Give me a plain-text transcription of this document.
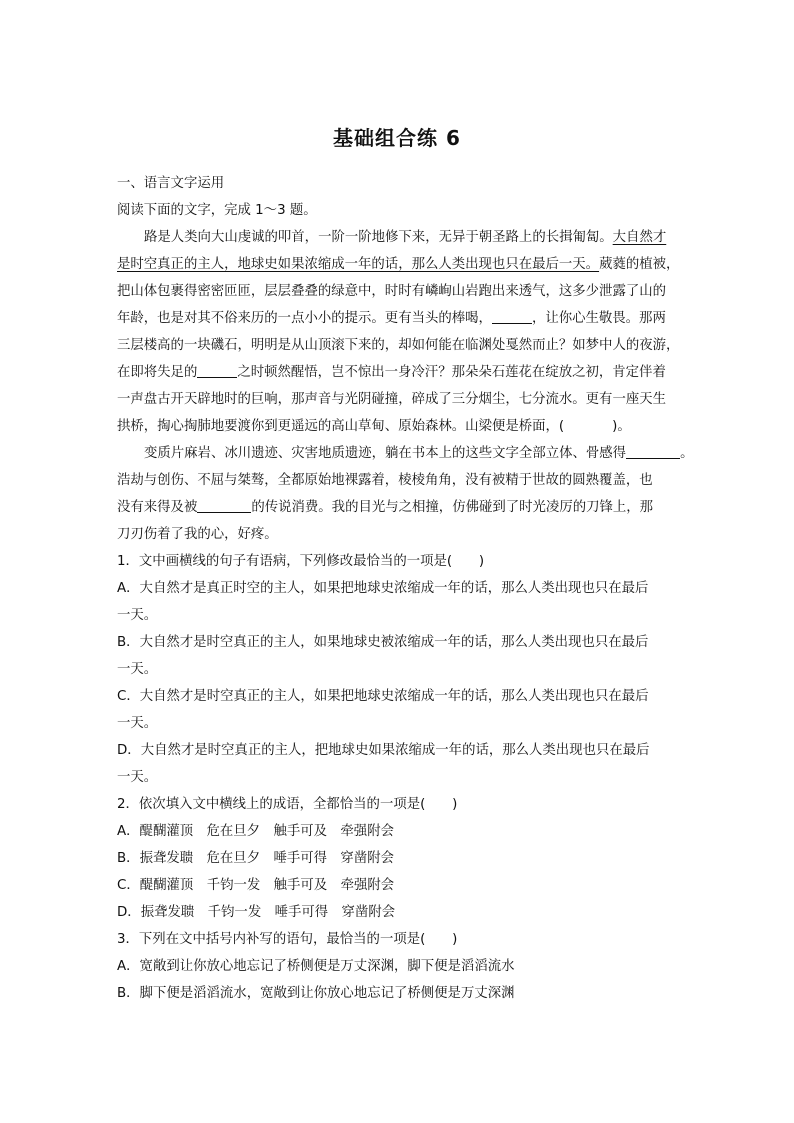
基础组合练 6
一、语言文字运用
阅读下面的文字，完成 1～3 题。
路是人类向大山虔诚的叩首，一阶一阶地修下来，无异于朝圣路上的长揖匍匐。大自然才
是时空真正的主人，地球史如果浓缩成一年的话，那么人类出现也只在最后一天。葳蕤的植被，
把山体包裹得密密匝匝，层层叠叠的绿意中，时时有嶙峋山岩跑出来透气，这多少泄露了山的
年龄，也是对其不俗来历的一点小小的提示。更有当头的棒喝，	，让你心生敬畏。那两
三层楼高的一块磯石，明明是从山顶滚下来的，却如何能在临渊处戛然而止？如梦中人的夜游，
在即将失足的	之时顿然醒悟，岂不惊出一身冷汗？那朵朵石莲花在绽放之初，肯定伴着
一声盘古开天辟地时的巨响，那声音与光阴碰撞，碎成了三分烟尘，七分流水。更有一座天生
拱桥，掏心掏肺地要渡你到更遥远的高山草甸、原始森林。山梁便是桥面，(	)。
变质片麻岩、冰川遗迹、灾害地质遗迹，躺在书本上的这些文字全部立体、骨感得	。
浩劫与创伤、不屈与桀骜，全都原始地裸露着，棱棱角角，没有被精于世故的圆熟覆盖，也
没有来得及被	的传说消费。我的目光与之相撞，仿佛碰到了时光凌厉的刀锋上，那
刀刃伤着了我的心，好疼。
1．文中画横线的句子有语病，下列修改最恰当的一项是(　　)
A．大自然才是真正时空的主人，如果把地球史浓缩成一年的话，那么人类出现也只在最后
一天。
B．大自然才是时空真正的主人，如果地球史被浓缩成一年的话，那么人类出现也只在最后
一天。
C．大自然才是时空真正的主人，如果把地球史浓缩成一年的话，那么人类出现也只在最后
一天。
D．大自然才是时空真正的主人，把地球史如果浓缩成一年的话，那么人类出现也只在最后
一天。
2．依次填入文中横线上的成语，全都恰当的一项是(　　)
A．醍醐灌顶　危在旦夕　触手可及　牵强附会
B．振聋发聩　危在旦夕　唾手可得　穿凿附会
C．醍醐灌顶　千钧一发　触手可及　牵强附会
D．振聋发聩　千钧一发　唾手可得　穿凿附会
3．下列在文中括号内补写的语句，最恰当的一项是(　　)
A．宽敞到让你放心地忘记了桥侧便是万丈深渊，脚下便是滔滔流水
B．脚下便是滔滔流水，宽敞到让你放心地忘记了桥侧便是万丈深渊
